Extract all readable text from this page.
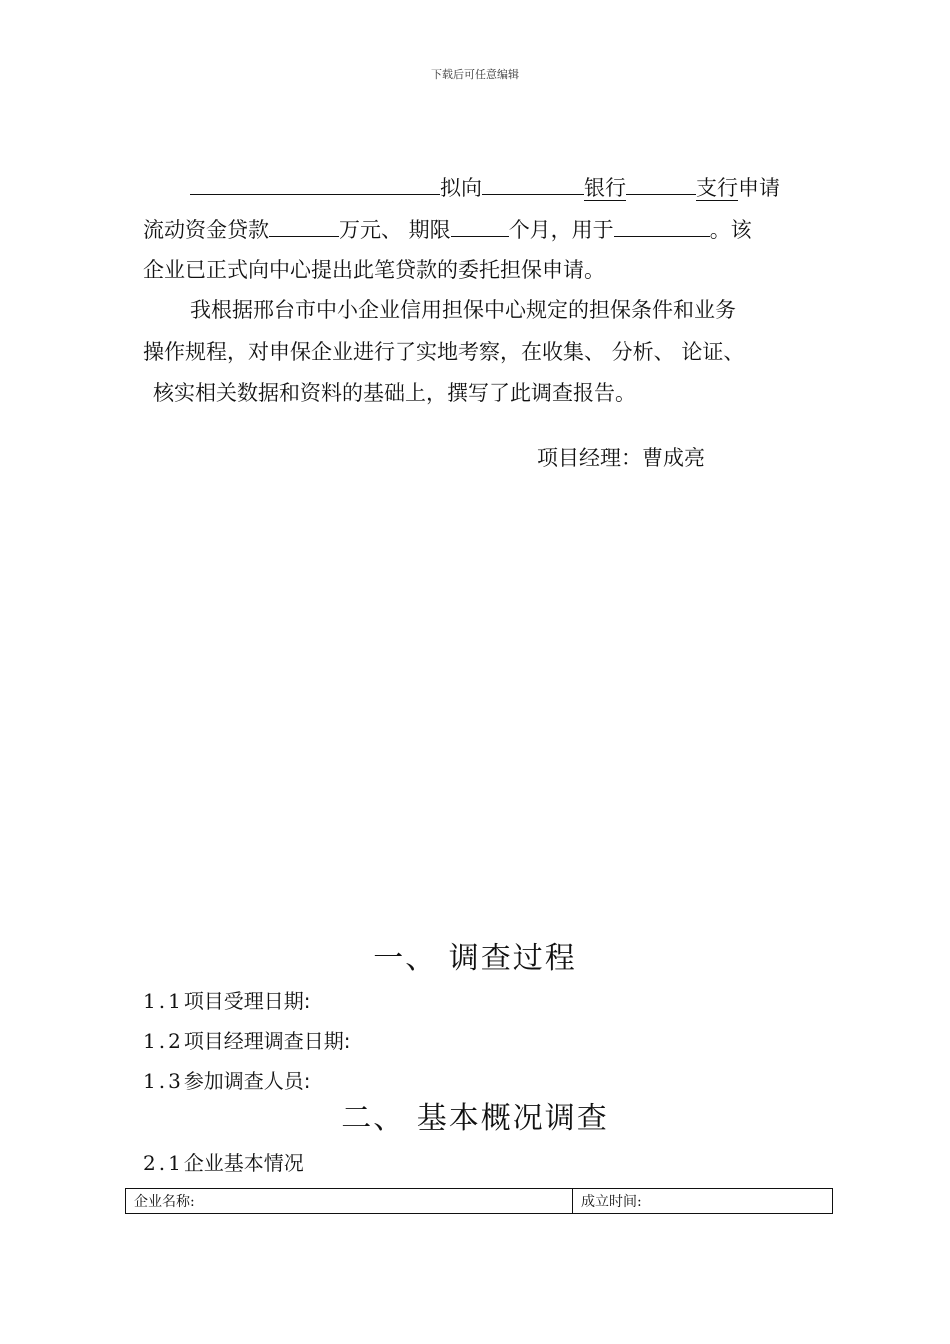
下载后可任意编辑
拟向	银行	支行申请
流动资金贷款	万元、 期限	个月，用于	。该
企业已正式向中心提出此笔贷款的委托担保申请。
我根据邢台市中小企业信用担保中心规定的担保条件和业务
操作规程，对申保企业进行了实地考察，在收集、 分析、 论证、
核实相关数据和资料的基础上，撰写了此调查报告。
项目经理：曹成亮
一、 调查过程
1.1项目受理日期:
1.2项目经理调查日期:
1.3参加调查人员:
二、 基本概况调查
2.1企业基本情况
企业名称:	成立时间:
